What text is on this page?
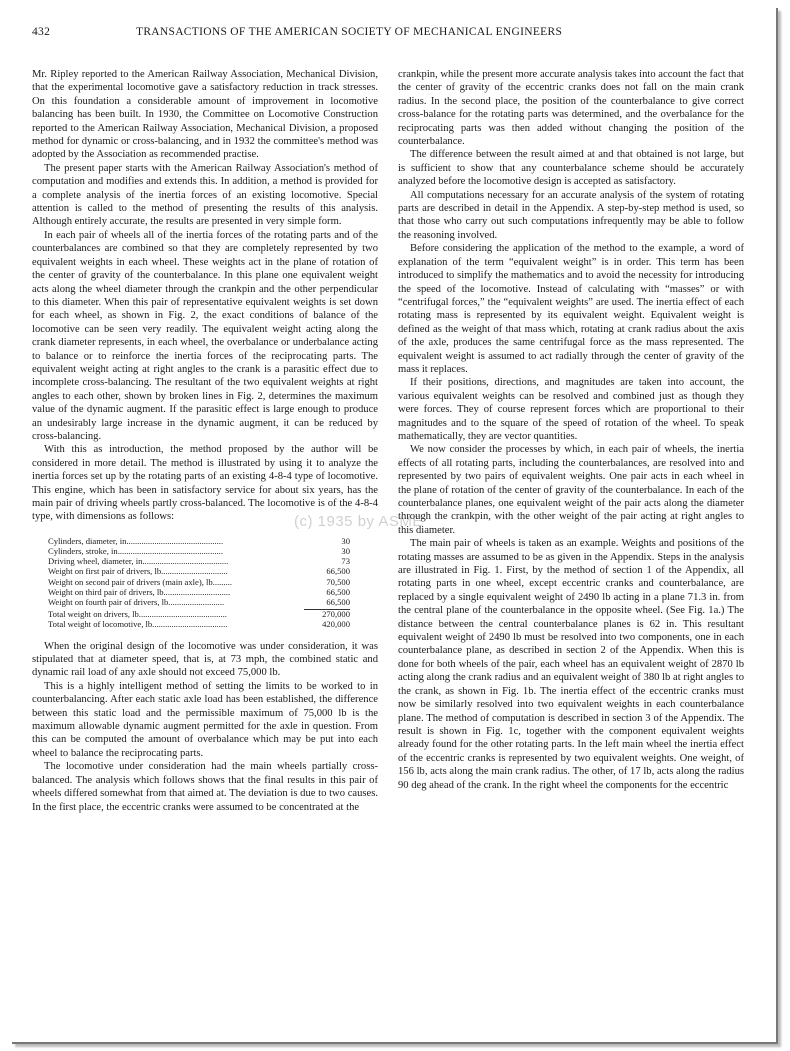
432	TRANSACTIONS OF THE AMERICAN SOCIETY OF MECHANICAL ENGINEERS

Mr. Ripley reported to the American Railway Association, Mechanical Division, that the experimental locomotive gave a satisfactory reduction in track stresses. On this foundation a considerable amount of improvement in locomotive balancing has been built. In 1930, the Committee on Locomotive Construction reported to the American Railway Association, Mechanical Division, a proposed method for dynamic or cross-balancing, and in 1932 the committee's method was adopted by the Association as recommended practise.

The present paper starts with the American Railway Association's method of computation and modifies and extends this. In addition, a method is provided for a complete analysis of the inertia forces of an existing locomotive. Special attention is called to the method of presenting the results of this analysis. Although entirely accurate, the results are presented in very simple form.

In each pair of wheels all of the inertia forces of the rotating parts and of the counterbalances are combined so that they are completely represented by two equivalent weights in each wheel. These weights act in the plane of rotation of the center of gravity of the counterbalance. In this plane one equivalent weight acts along the wheel diameter through the crankpin and the other perpendicular to this diameter. When this pair of representative equivalent weights is set down for each wheel, as shown in Fig. 2, the exact conditions of balance of the locomotive can be seen very readily. The equivalent weight acting along the crank diameter represents, in each wheel, the overbalance or underbalance acting to balance or to reinforce the inertia forces of the reciprocating parts. The equivalent weight acting at right angles to the crank is a parasitic effect due to incomplete cross-balancing. The resultant of the two equivalent weights at right angles to each other, shown by broken lines in Fig. 2, determines the maximum value of the dynamic augment. If the parasitic effect is large enough to produce an undesirably large increase in the dynamic augment, it can be reduced by cross-balancing.

With this as introduction, the method proposed by the author will be considered in more detail. The method is illustrated by using it to analyze the inertia forces set up by the rotating parts of an existing 4-8-4 type of locomotive. This engine, which has been in satisfactory service for about six years, has the main pair of driving wheels partly cross-balanced. The locomotive is of the 4-8-4 type, with dimensions as follows:

Cylinders, diameter, in.............................................	30
Cylinders, stroke, in.................................................	30
Driving wheel, diameter, in........................................	73
Weight on first pair of drivers, lb...............................	66,500
Weight on second pair of drivers (main axle), lb.........	70,500
Weight on third pair of drivers, lb...............................	66,500
Weight on fourth pair of drivers, lb..........................	66,500
Total weight on drivers, lb.........................................	270,000
Total weight of locomotive, lb...................................	420,000

When the original design of the locomotive was under consideration, it was stipulated that at diameter speed, that is, at 73 mph, the combined static and dynamic rail load of any axle should not exceed 75,000 lb.

This is a highly intelligent method of setting the limits to be worked to in counterbalancing. After each static axle load has been established, the difference between this static load and the permissible maximum of 75,000 lb is the maximum allowable dynamic augment permitted for the axle in question. From this can be computed the amount of overbalance which may be put into each wheel to balance the reciprocating parts.

The locomotive under consideration had the main wheels partially cross-balanced. The analysis which follows shows that the final results in this pair of wheels differed somewhat from that aimed at. The deviation is due to two causes. In the first place, the eccentric cranks were assumed to be concentrated at the

crankpin, while the present more accurate analysis takes into account the fact that the center of gravity of the eccentric cranks does not fall on the main crank radius. In the second place, the position of the counterbalance to give correct cross-balance for the rotating parts was determined, and the overbalance for the reciprocating parts was then added without changing the position of the counterbalance.

The difference between the result aimed at and that obtained is not large, but is sufficient to show that any counterbalance scheme should be accurately analyzed before the locomotive design is accepted as satisfactory.

All computations necessary for an accurate analysis of the system of rotating parts are described in detail in the Appendix. A step-by-step method is used, so that those who carry out such computations infrequently may be able to follow the reasoning involved.

Before considering the application of the method to the example, a word of explanation of the term “equivalent weight” is in order. This term has been introduced to simplify the mathematics and to avoid the necessity for introducing the speed of the locomotive. Instead of calculating with “masses” or with “centrifugal forces,” the “equivalent weights” are used. The inertia effect of each rotating mass is represented by its equivalent weight. Equivalent weight is defined as the weight of that mass which, rotating at crank radius about the axis of the axle, produces the same centrifugal force as the mass represented. The equivalent weight is assumed to act radially through the center of gravity of the mass it replaces.

If their positions, directions, and magnitudes are taken into account, the various equivalent weights can be resolved and combined just as though they were forces. They of course represent forces which are proportional to their magnitudes and to the square of the speed of rotation of the wheel. To speak mathematically, they are vector quantities.

We now consider the processes by which, in each pair of wheels, the inertia effects of all rotating parts, including the counterbalances, are resolved into and represented by two pairs of equivalent weights. One pair acts in each wheel in the plane of rotation of the center of gravity of the counterbalance. In each of the counterbalance planes, one equivalent weight of the pair acts along the diameter through the crankpin, with the other weight of the pair acting at right angles to this diameter.

The main pair of wheels is taken as an example. Weights and positions of the rotating masses are assumed to be as given in the Appendix. Steps in the analysis are illustrated in Fig. 1. First, by the method of section 1 of the Appendix, all rotating parts in one wheel, except eccentric cranks and counterbalance, are replaced by a single equivalent weight of 2490 lb acting in a plane 71.3 in. from the central plane of the counterbalance in the opposite wheel. (See Fig. 1a.) The distance between the central counterbalance planes is 62 in. This resultant equivalent weight of 2490 lb must be resolved into two components, one in each counterbalance plane, as described in section 2 of the Appendix. When this is done for both wheels of the pair, each wheel has an equivalent weight of 2870 lb acting along the crank radius and an equivalent weight of 380 lb at right angles to the crank, as shown in Fig. 1b. The inertia effect of the eccentric cranks must now be similarly resolved into two equivalent weights in each counterbalance plane. The method of computation is described in section 3 of the Appendix. The result is shown in Fig. 1c, together with the component equivalent weights already found for the other rotating parts. In the left main wheel the inertia effect of the eccentric cranks is represented by two equivalent weights. One weight, of 156 lb, acts along the main crank radius. The other, of 17 lb, acts along the radius 90 deg ahead of the crank. In the right wheel the components for the eccentric

(c) 1935 by ASME
